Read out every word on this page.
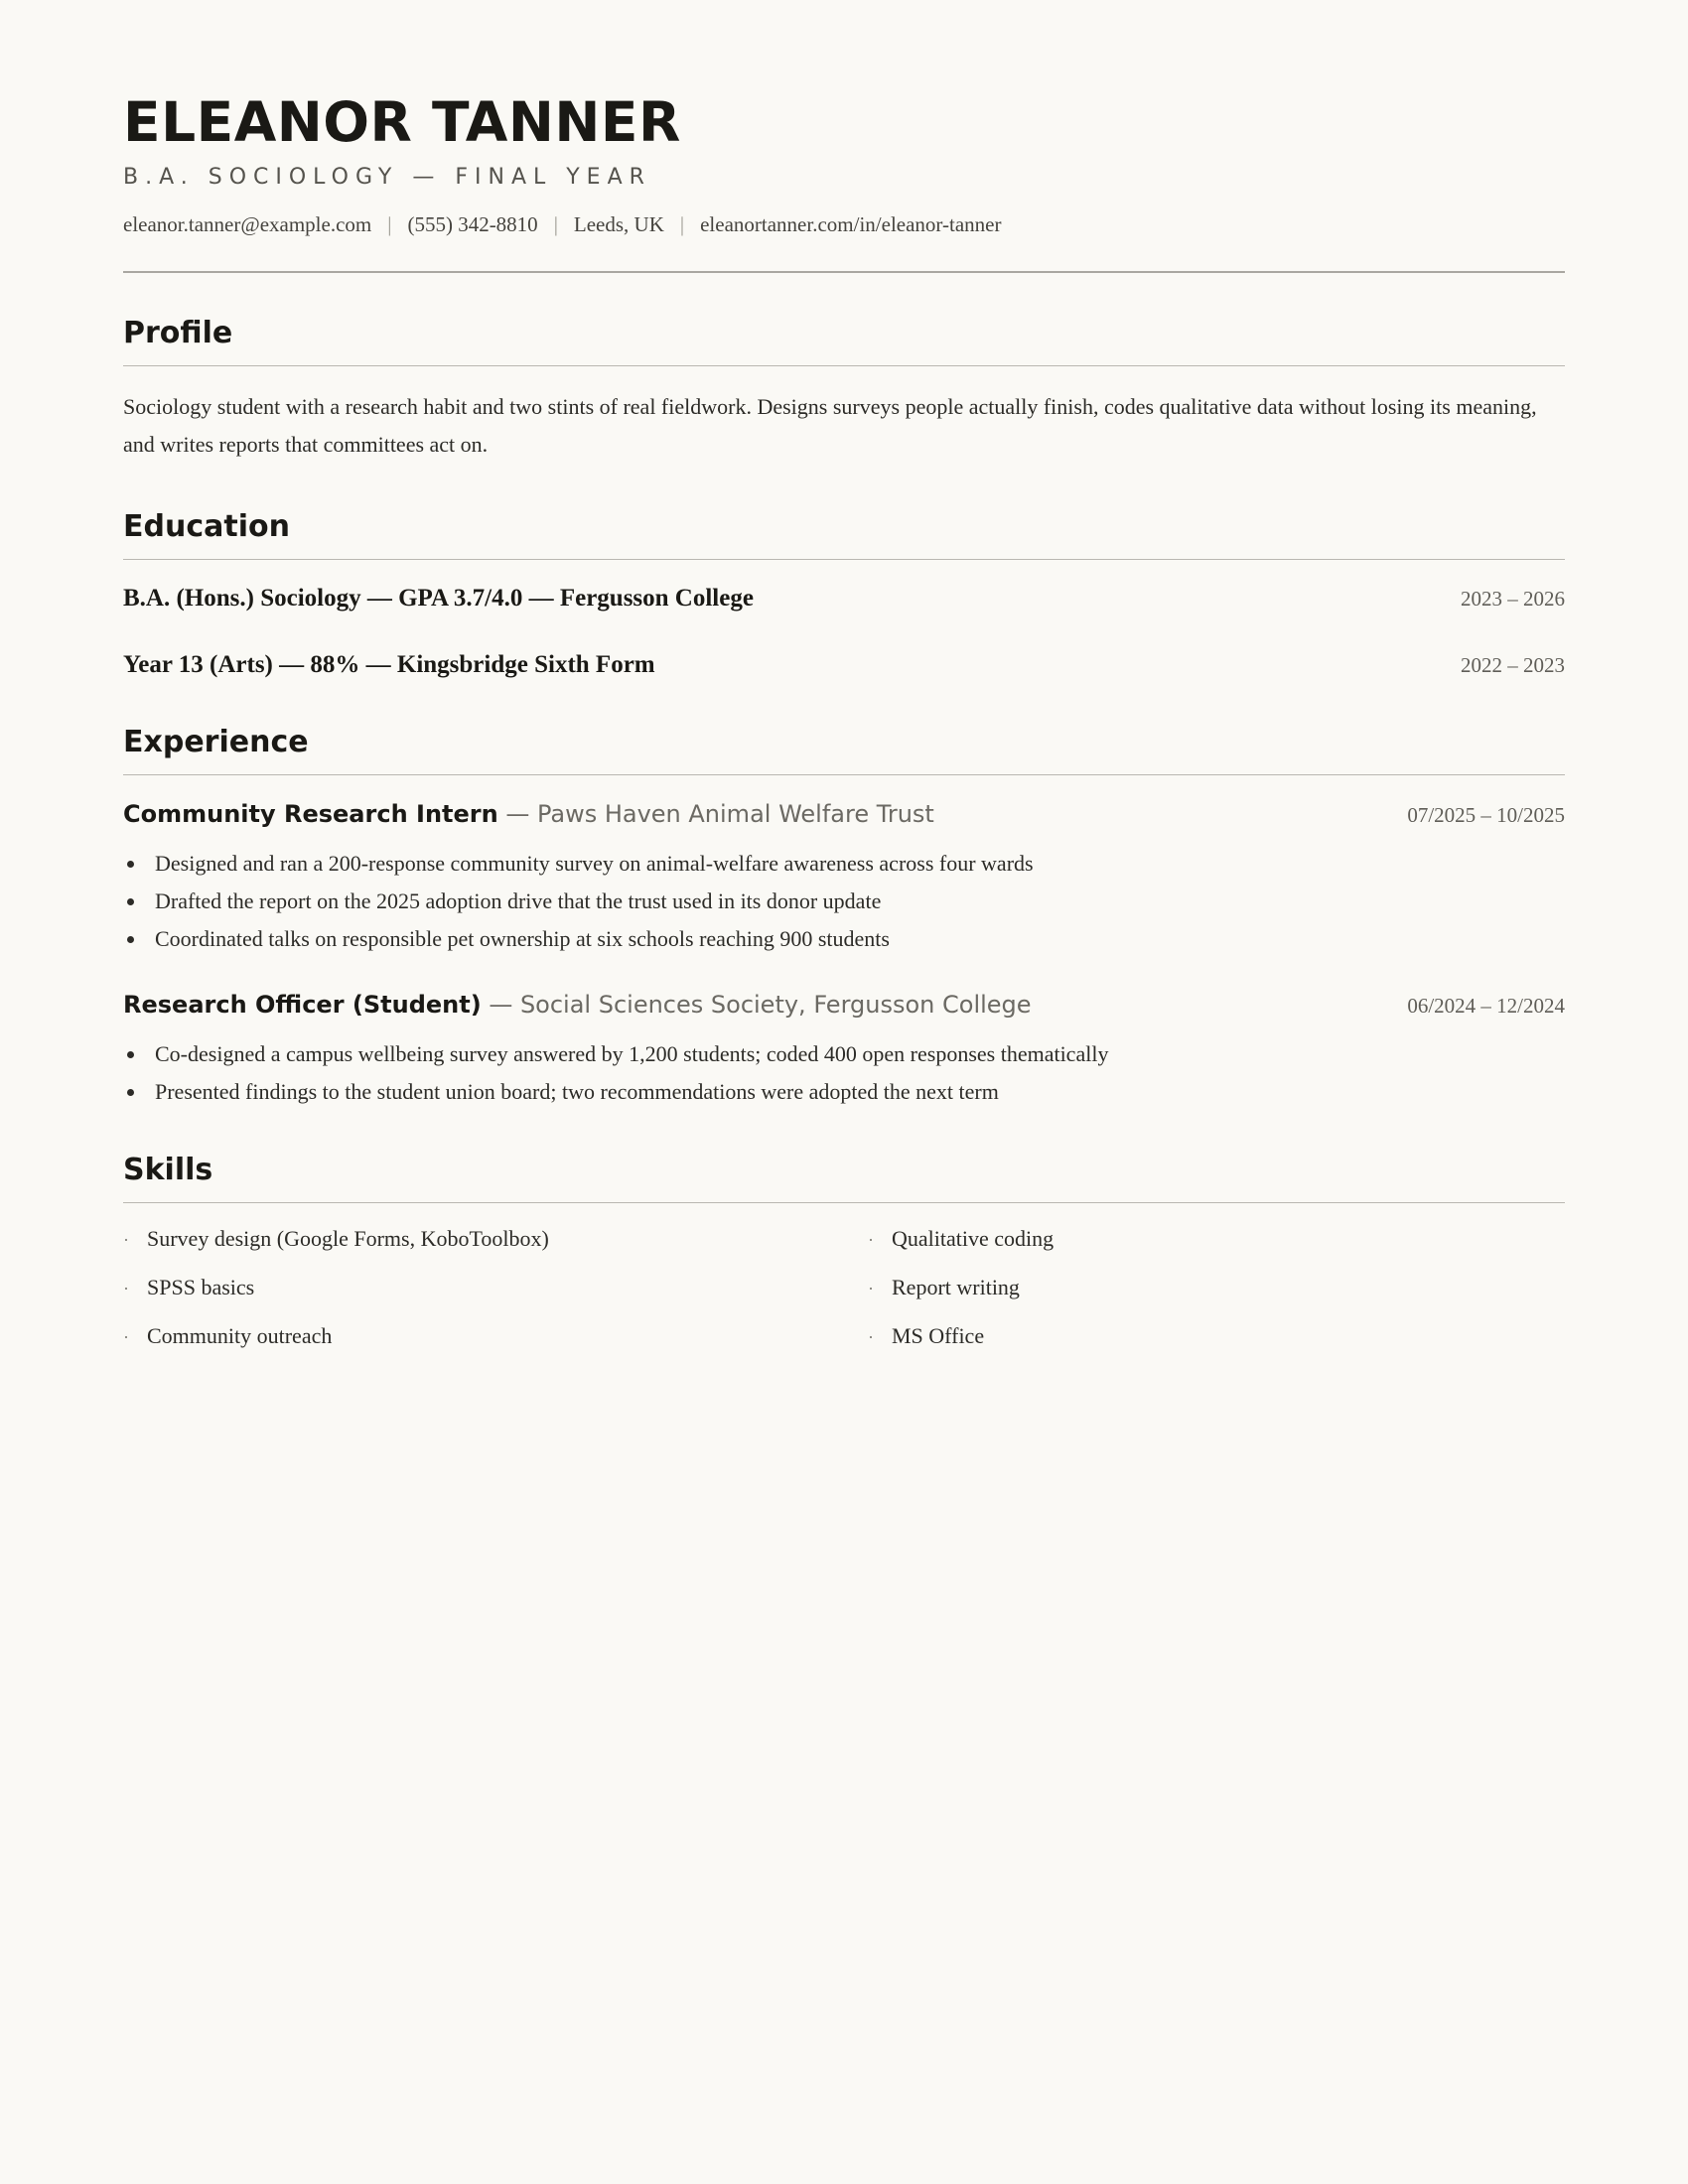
ELEANOR TANNER
B.A. SOCIOLOGY — FINAL YEAR
eleanor.tanner@example.com | (555) 342-8810 | Leeds, UK | eleanortanner.com/in/eleanor-tanner
Profile

Sociology student with a research habit and two stints of real fieldwork. Designs surveys people actually finish, codes qualitative data without losing its meaning, and writes reports that committees act on.

Education
B.A. (Hons.) Sociology — GPA 3.7/4.0 — Fergusson College	2023 – 2026
Year 13 (Arts) — 88% — Kingsbridge Sixth Form	2022 – 2023
Experience
Community Research Intern — Paws Haven Animal Welfare Trust	07/2025 – 10/2025
Designed and ran a 200-response community survey on animal-welfare awareness across four wards
Drafted the report on the 2025 adoption drive that the trust used in its donor update
Coordinated talks on responsible pet ownership at six schools reaching 900 students
Research Officer (Student) — Social Sciences Society, Fergusson College	06/2024 – 12/2024
Co-designed a campus wellbeing survey answered by 1,200 students; coded 400 open responses thematically
Presented findings to the student union board; two recommendations were adopted the next term
Skills
· Survey design (Google Forms, KoboToolbox)	· Qualitative coding
· SPSS basics	· Report writing
· Community outreach	· MS Office
